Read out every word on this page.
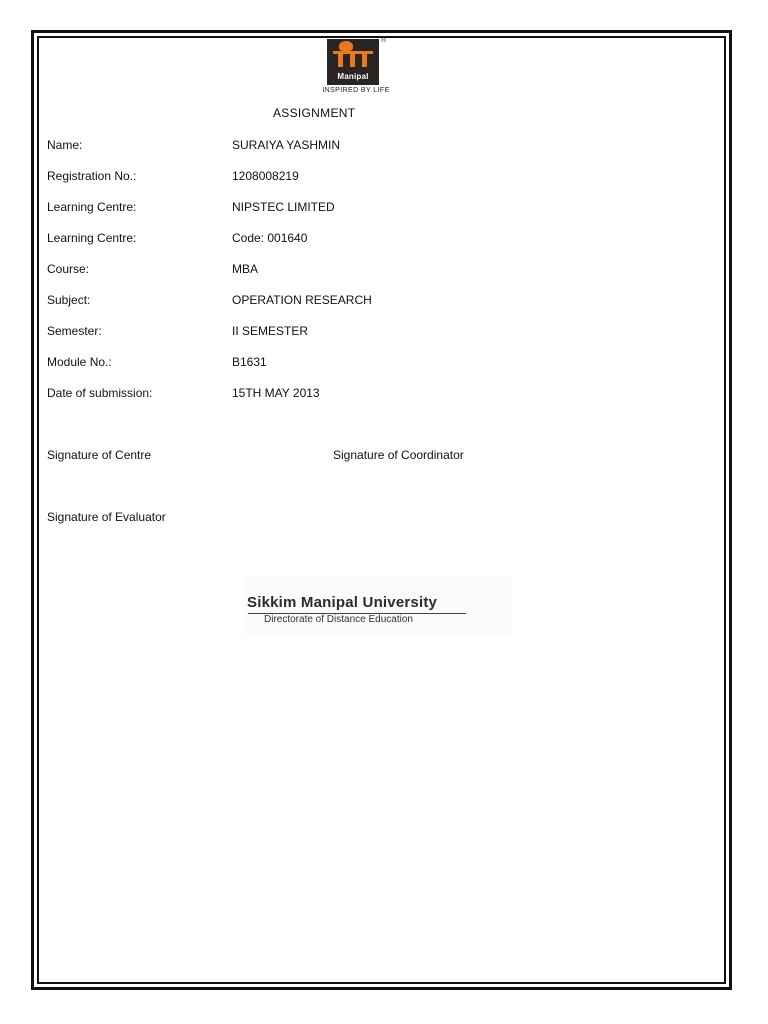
Manipal
®
INSPIRED BY LIFE
ASSIGNMENT
Name:	SURAIYA YASHMIN
Registration No.:	1208008219
Learning Centre:	NIPSTEC LIMITED
Learning Centre:	Code: 001640
Course:	MBA
Subject:	OPERATION RESEARCH
Semester:	II SEMESTER
Module No.:	B1631
Date of submission:	15TH MAY 2013
Signature of Centre	Signature of Coordinator
Signature of Evaluator
Sikkim Manipal University
Directorate of Distance Education
